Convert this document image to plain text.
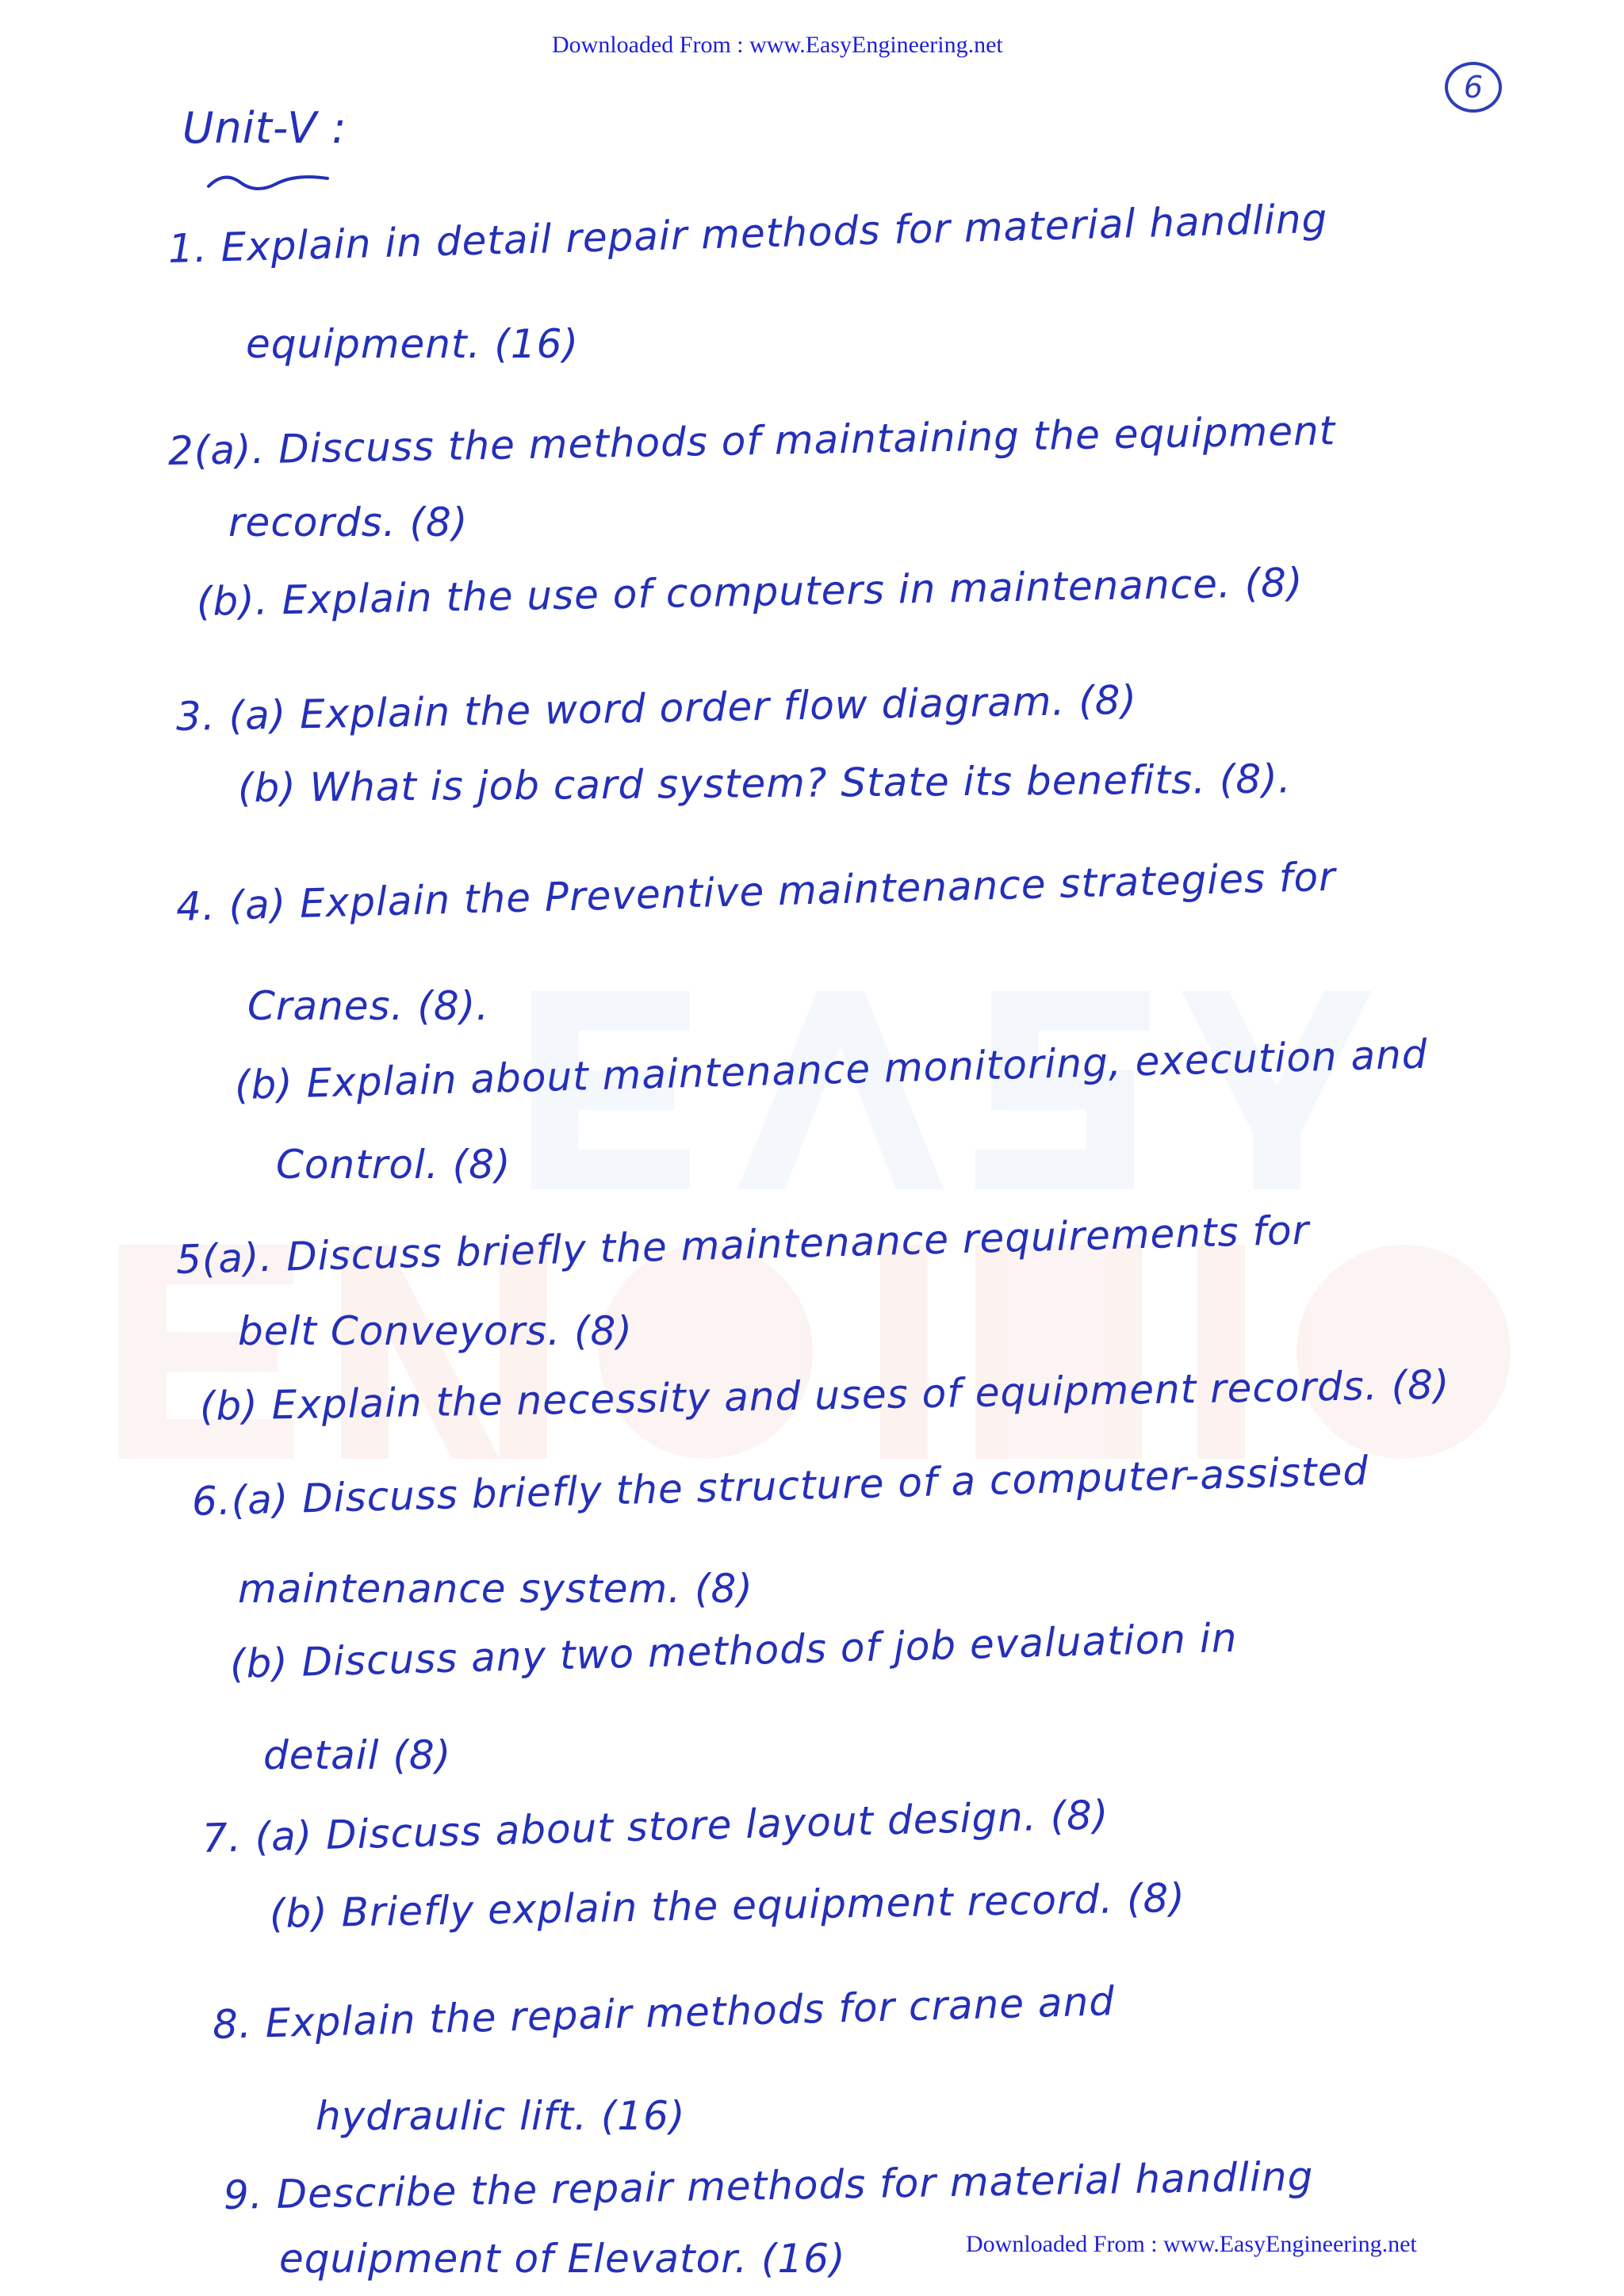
Downloaded From : www.EasyEngineering.net
6
Unit-V :
1. Explain in detail repair methods for material handling
equipment. (16)
2(a). Discuss the methods of maintaining the equipment
records. (8)
(b). Explain the use of computers in maintenance. (8)
3. (a) Explain the word order flow diagram. (8)
(b) What is job card system? State its benefits. (8).
4. (a) Explain the Preventive maintenance strategies for
Cranes. (8).
(b) Explain about maintenance monitoring, execution and
Control. (8)
5(a). Discuss briefly the maintenance requirements for
belt Conveyors. (8)
(b) Explain the necessity and uses of equipment records. (8)
6.(a) Discuss briefly the structure of a computer-assisted
maintenance system. (8)
(b) Discuss any two methods of job evaluation in
detail (8)
7. (a) Discuss about store layout design. (8)
(b) Briefly explain the equipment record. (8)
8. Explain the repair methods for crane and
hydraulic lift. (16)
9. Describe the repair methods for material handling
equipment of Elevator. (16)	Downloaded From : www.EasyEngineering.net
